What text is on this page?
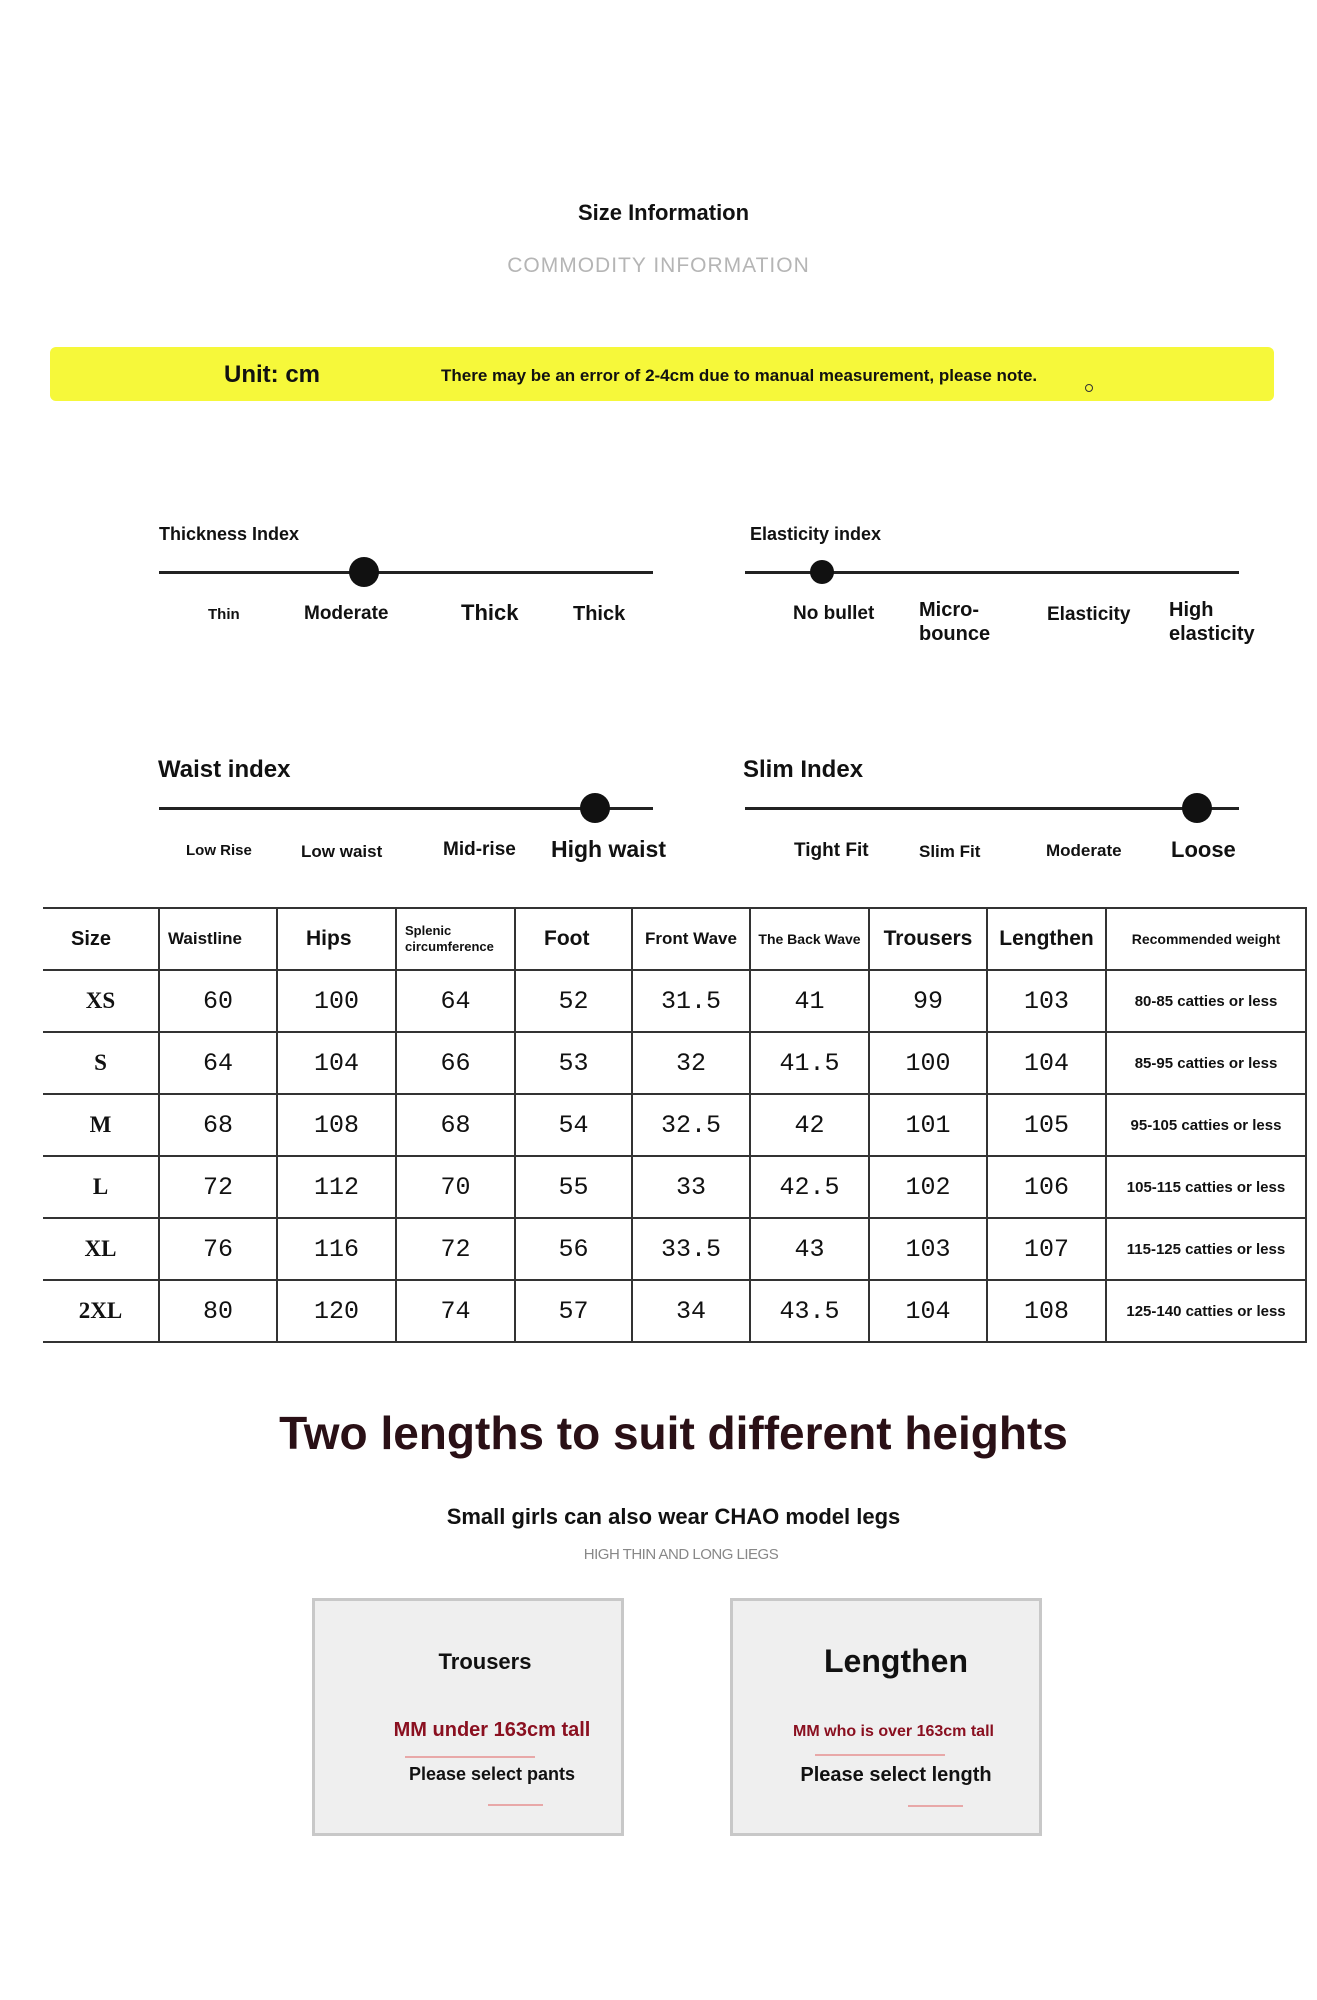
Size Information
COMMODITY INFORMATION
Unit: cm	There may be an error of 2-4cm due to manual measurement, please note.
Thickness Index
Thin	Moderate	Thick	Thick
Elasticity index
No bullet Micro-bounce
Elasticity High elasticity
Waist index
Low Rise	Low waist	Mid-rise High waist
Slim Index
Tight Fit	Slim Fit	Moderate Loose
Size	Waistline	Hips	Splenic circumference	Foot	Front Wave	The Back Wave	Trousers	Lengthen	Recommended weight
XS	60	100	64	52	31.5	41	99	103	80-85 catties or less
S	64	104	66	53	32	41.5	100	104	85-95 catties or less
M	68	108	68	54	32.5	42	101	105	95-105 catties or less
L	72	112	70	55	33	42.5	102	106	105-115 catties or less
XL	76	116	72	56	33.5	43	103	107	115-125 catties or less
2XL	80	120	74	57	34	43.5	104	108	125-140 catties or less
Two lengths to suit different heights
Small girls can also wear CHAO model legs
HIGH THIN AND LONG LIEGS
Trousers
MM under 163cm tall
Please select pants
Lengthen
MM who is over 163cm tall
Please select length
